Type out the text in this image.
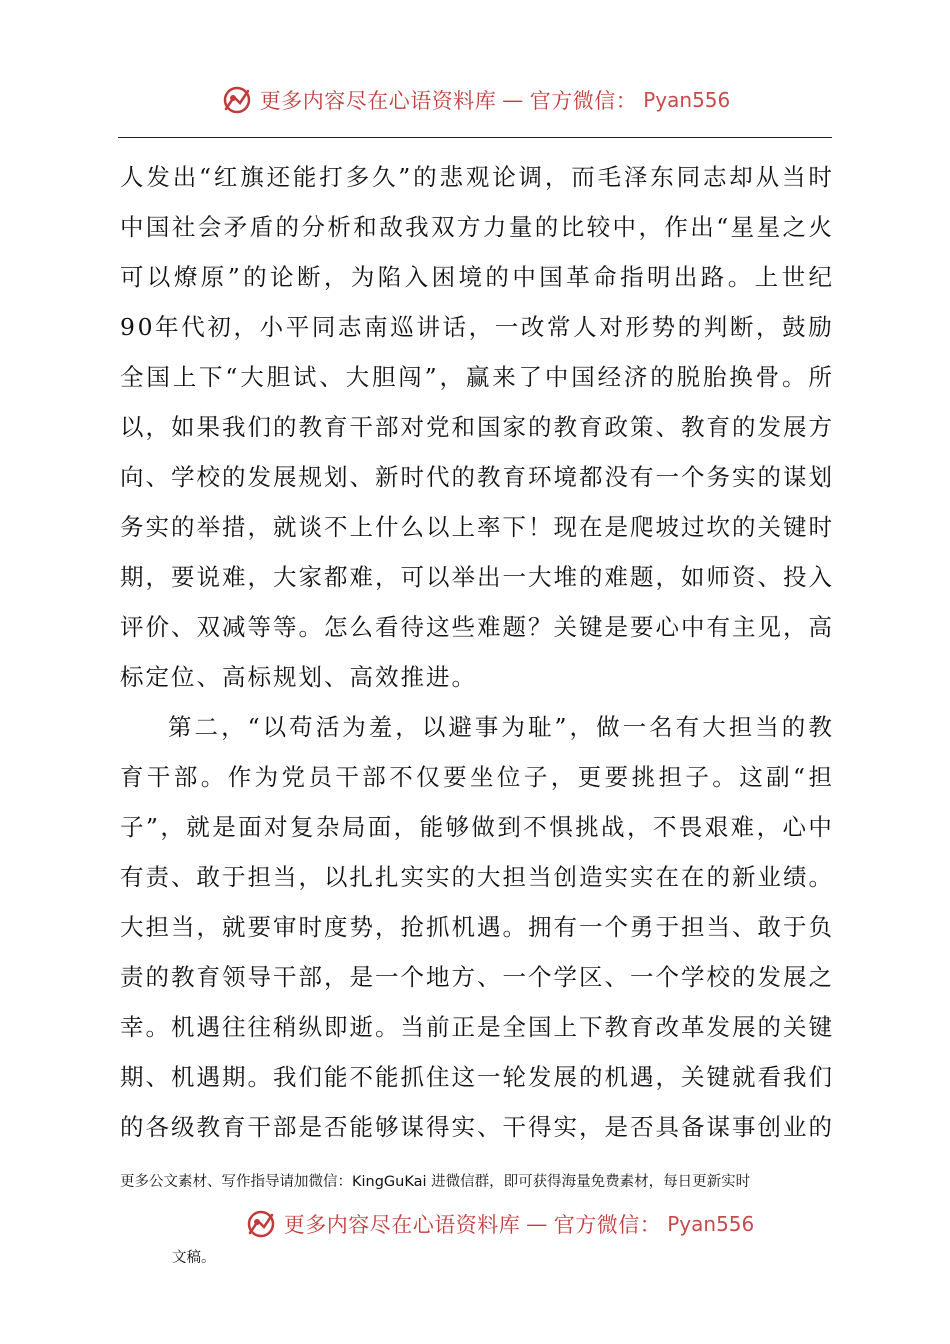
更多内容尽在心语资料库 — 官方微信： Pyan556
人 发 出 “ 红 旗 还 能 打 多 久 ” 的 悲 观 论 调 ， 而 毛 泽 东 同 志 却 从 当 时
中 国 社 会 矛 盾 的 分 析 和 敌 我 双 方 力 量 的 比 较 中 ， 作 出 “ 星 星 之 火
可 以 燎 原 ” 的 论 断 ， 为 陷 入 困 境 的 中 国 革 命 指 明 出 路 。 上 世 纪
9 0 年 代 初 ， 小 平 同 志 南 巡 讲 话 ， 一 改 常 人 对 形 势 的 判 断 ， 鼓 励
全 国 上 下 “ 大 胆 试 、 大 胆 闯 ” ， 赢 来 了 中 国 经 济 的 脱 胎 换 骨 。 所
以 ， 如 果 我 们 的 教 育 干 部 对 党 和 国 家 的 教 育 政 策 、 教 育 的 发 展 方
向 、 学 校 的 发 展 规 划 、 新 时 代 的 教 育 环 境 都 没 有 一 个 务 实 的 谋 划
务 实 的 举 措 ， 就 谈 不 上 什 么 以 上 率 下 ！ 现 在 是 爬 坡 过 坎 的 关 键 时
期 ， 要 说 难 ， 大 家 都 难 ， 可 以 举 出 一 大 堆 的 难 题 ， 如 师 资 、 投 入
评 价 、 双 减 等 等 。 怎 么 看 待 这 些 难 题 ？ 关 键 是 要 心 中 有 主 见 ， 高
标定位、高标规划、高效推进。
第 二 ， “ 以 苟 活 为 羞 ， 以 避 事 为 耻 ” ， 做 一 名 有 大 担 当 的 教
育 干 部 。 作 为 党 员 干 部 不 仅 要 坐 位 子 ， 更 要 挑 担 子 。 这 副 “ 担
子 ” ， 就 是 面 对 复 杂 局 面 ， 能 够 做 到 不 惧 挑 战 ， 不 畏 艰 难 ， 心 中
有 责 、 敢 于 担 当 ， 以 扎 扎 实 实 的 大 担 当 创 造 实 实 在 在 的 新 业 绩 。
大 担 当 ， 就 要 审 时 度 势 ， 抢 抓 机 遇 。 拥 有 一 个 勇 于 担 当 、 敢 于 负
责 的 教 育 领 导 干 部 ， 是 一 个 地 方 、 一 个 学 区 、 一 个 学 校 的 发 展 之
幸 。 机 遇 往 往 稍 纵 即 逝 。 当 前 正 是 全 国 上 下 教 育 改 革 发 展 的 关 键
期 、 机 遇 期 。 我 们 能 不 能 抓 住 这 一 轮 发 展 的 机 遇 ， 关 键 就 看 我 们
的 各 级 教 育 干 部 是 否 能 够 谋 得 实 、 干 得 实 ， 是 否 具 备 谋 事 创 业 的
更多公文素材、写作指导请加微信：KingGuKai 进微信群，即可获得海量免费素材，每日更新实时
更多内容尽在心语资料库 — 官方微信： Pyan556
文稿。
